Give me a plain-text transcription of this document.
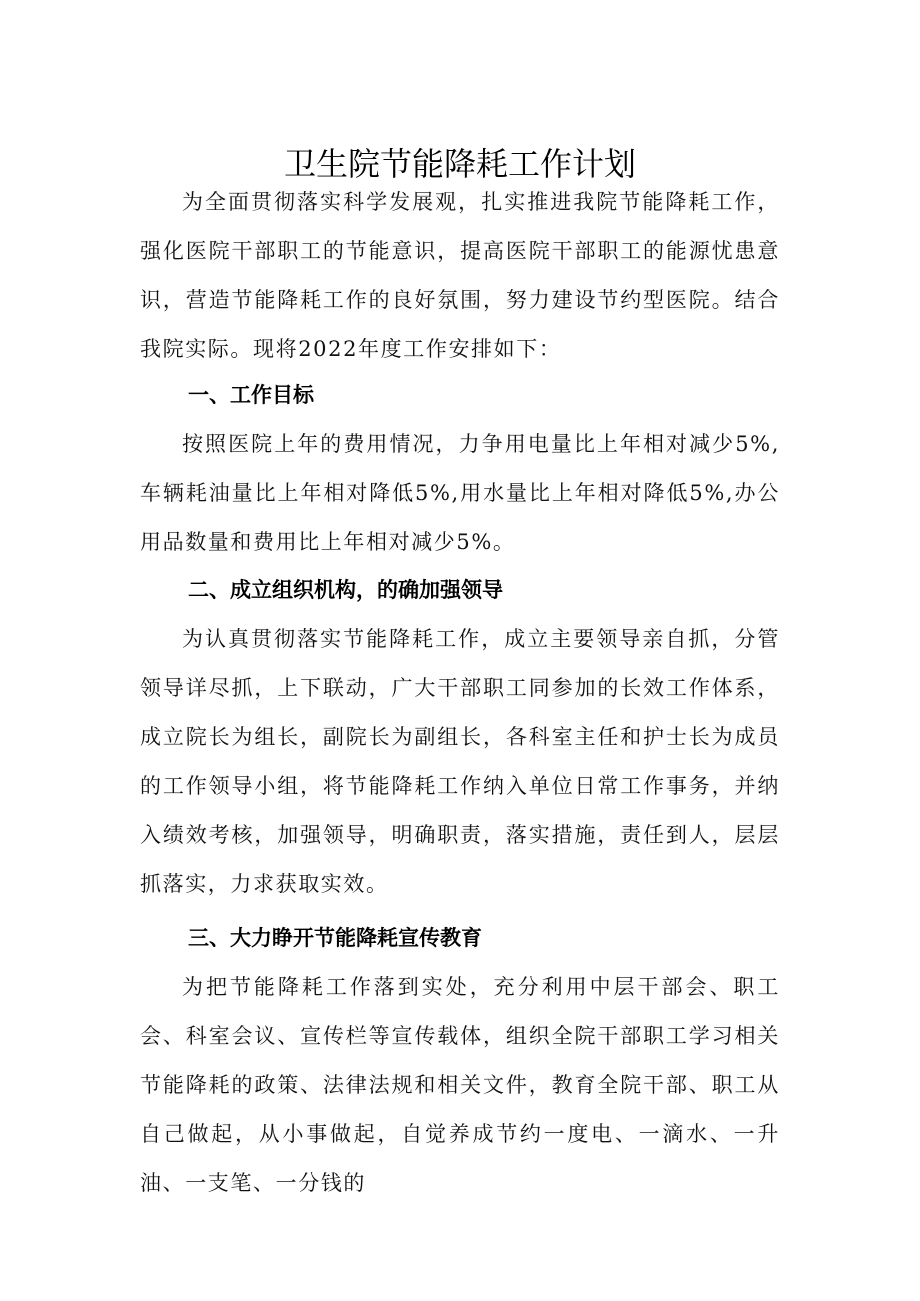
卫生院节能降耗工作计划

为全面贯彻落实科学发展观，扎实推进我院节能降耗工作，强化医院干部职工的节能意识，提高医院干部职工的能源忧患意识，营造节能降耗工作的良好氛围，努力建设节约型医院。结合我院实际。现将2022年度工作安排如下：

一、工作目标

按照医院上年的费用情况，力争用电量比上年相对减少5%,车辆耗油量比上年相对降低5%,用水量比上年相对降低5%,办公用品数量和费用比上年相对减少5%。

二、成立组织机构，的确加强领导

为认真贯彻落实节能降耗工作，成立主要领导亲自抓，分管领导详尽抓，上下联动，广大干部职工同参加的长效工作体系，成立院长为组长，副院长为副组长，各科室主任和护士长为成员的工作领导小组，将节能降耗工作纳入单位日常工作事务，并纳入绩效考核，加强领导，明确职责，落实措施，责任到人，层层抓落实，力求获取实效。

三、大力睁开节能降耗宣传教育

为把节能降耗工作落到实处，充分利用中层干部会、职工会、科室会议、宣传栏等宣传载体，组织全院干部职工学习相关节能降耗的政策、法律法规和相关文件，教育全院干部、职工从自己做起，从小事做起，自觉养成节约一度电、一滴水、一升油、一支笔、一分钱的
